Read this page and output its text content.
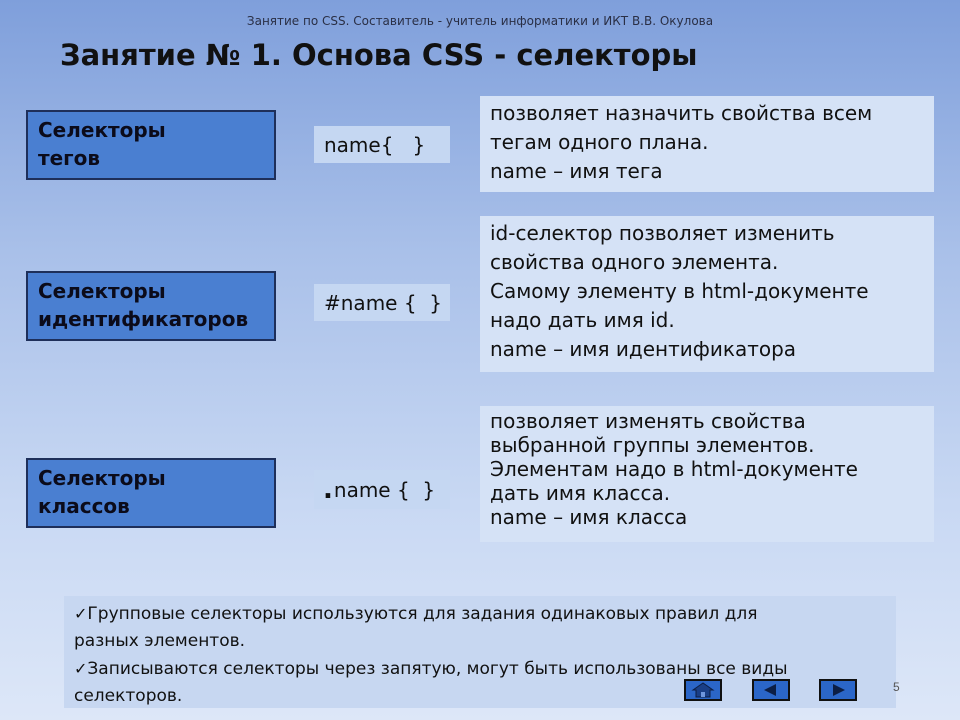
Занятие по CSS. Составитель - учитель информатики и ИКТ В.В. Окулова
Занятие № 1. Основа CSS - селекторы
Селекторы
тегов
name{   }
позволяет назначить свойства всем
тегам одного плана.
name – имя тега
Селекторы
идентификаторов
#name {  }
id-селектор позволяет изменить
свойства одного элемента.
Самому элементу в html-документе
надо дать имя id.
name – имя идентификатора
Селекторы
классов
. name {  }
позволяет изменять свойства
выбранной группы элементов.
Элементам надо в html-документе
дать имя класса.
name – имя класса
✓Групповые селекторы используются для задания одинаковых правил для
разных элементов.
✓Записываются селекторы через запятую, могут быть использованы все виды
селекторов.	5
